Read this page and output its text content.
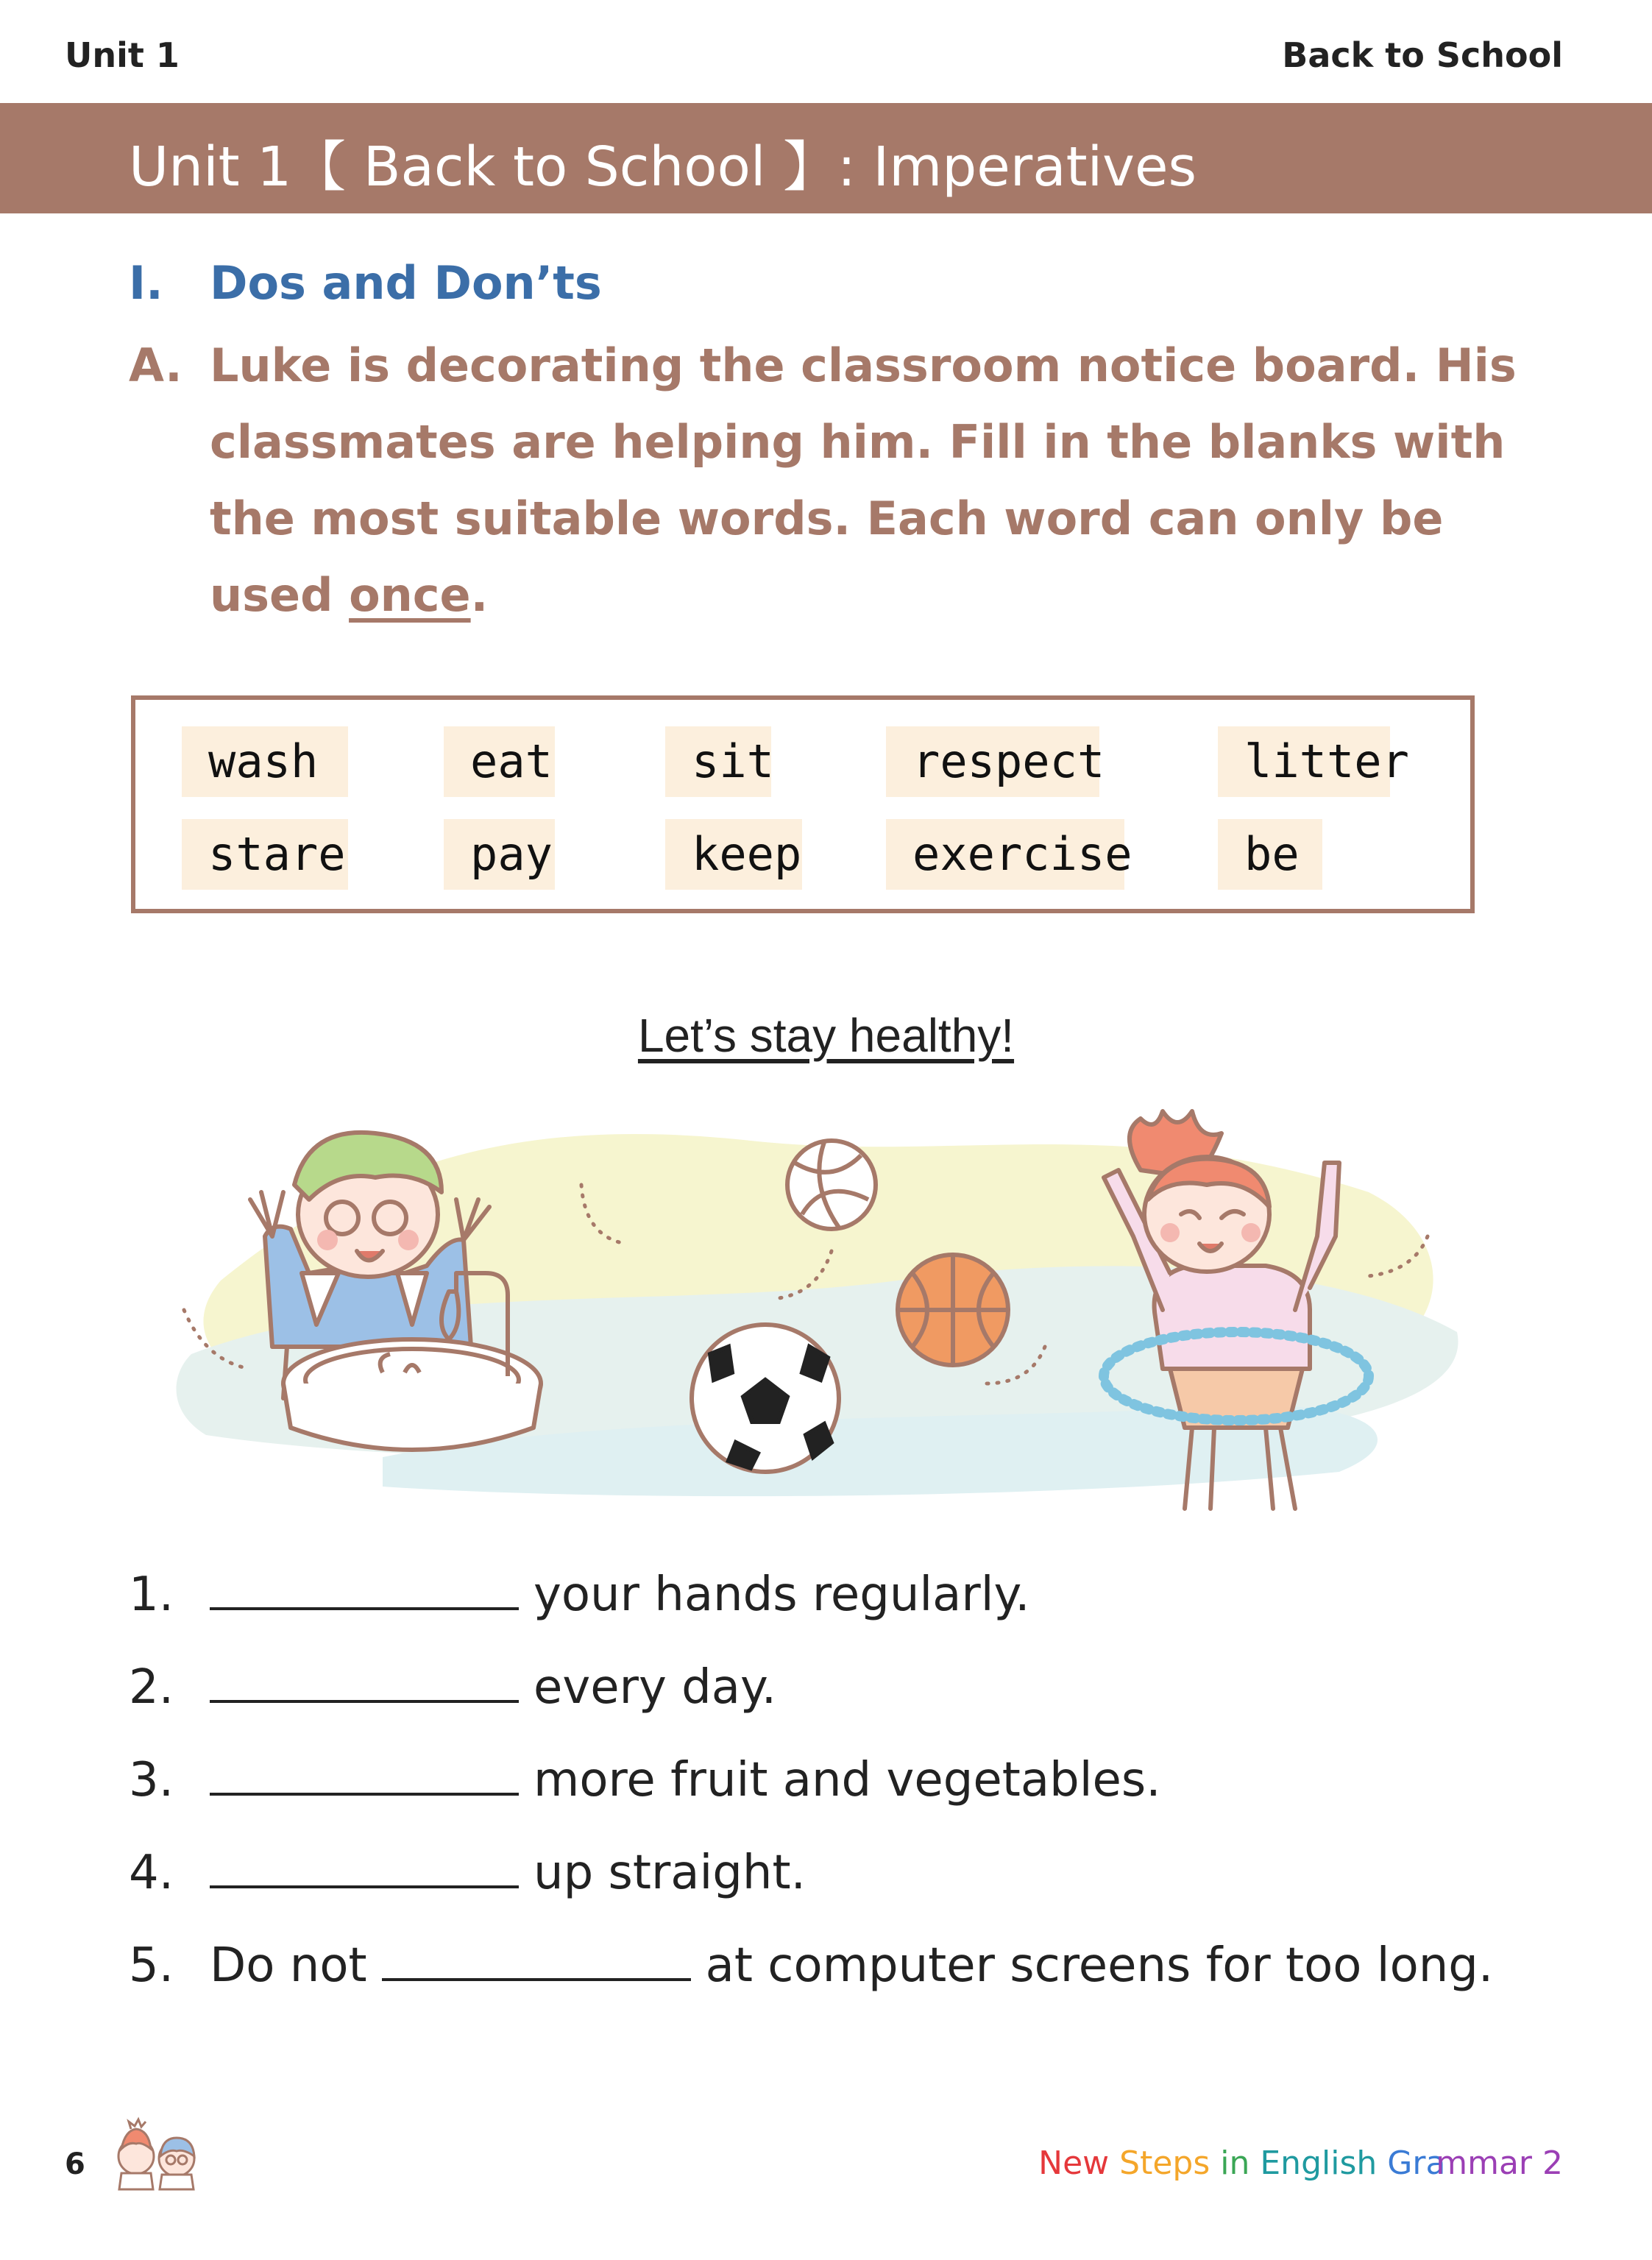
Unit 1	Back to School
Unit 1【 Back to School 】: Imperatives
I. Dos and Don’ts
A. Luke is decorating the classroom notice board. His classmates are helping him. Fill in the blanks with the most suitable words. Each word can only be used once.
wash	eat	sit	respect	litter
stare	pay	keep	exercise	be
Let’s stay healthy!
1.	your hands regularly.
2.	every day.
3.	more fruit and vegetables.
4.	up straight.
5. Do not	at computer screens for too long.
6	New Steps in English Grammar 2
